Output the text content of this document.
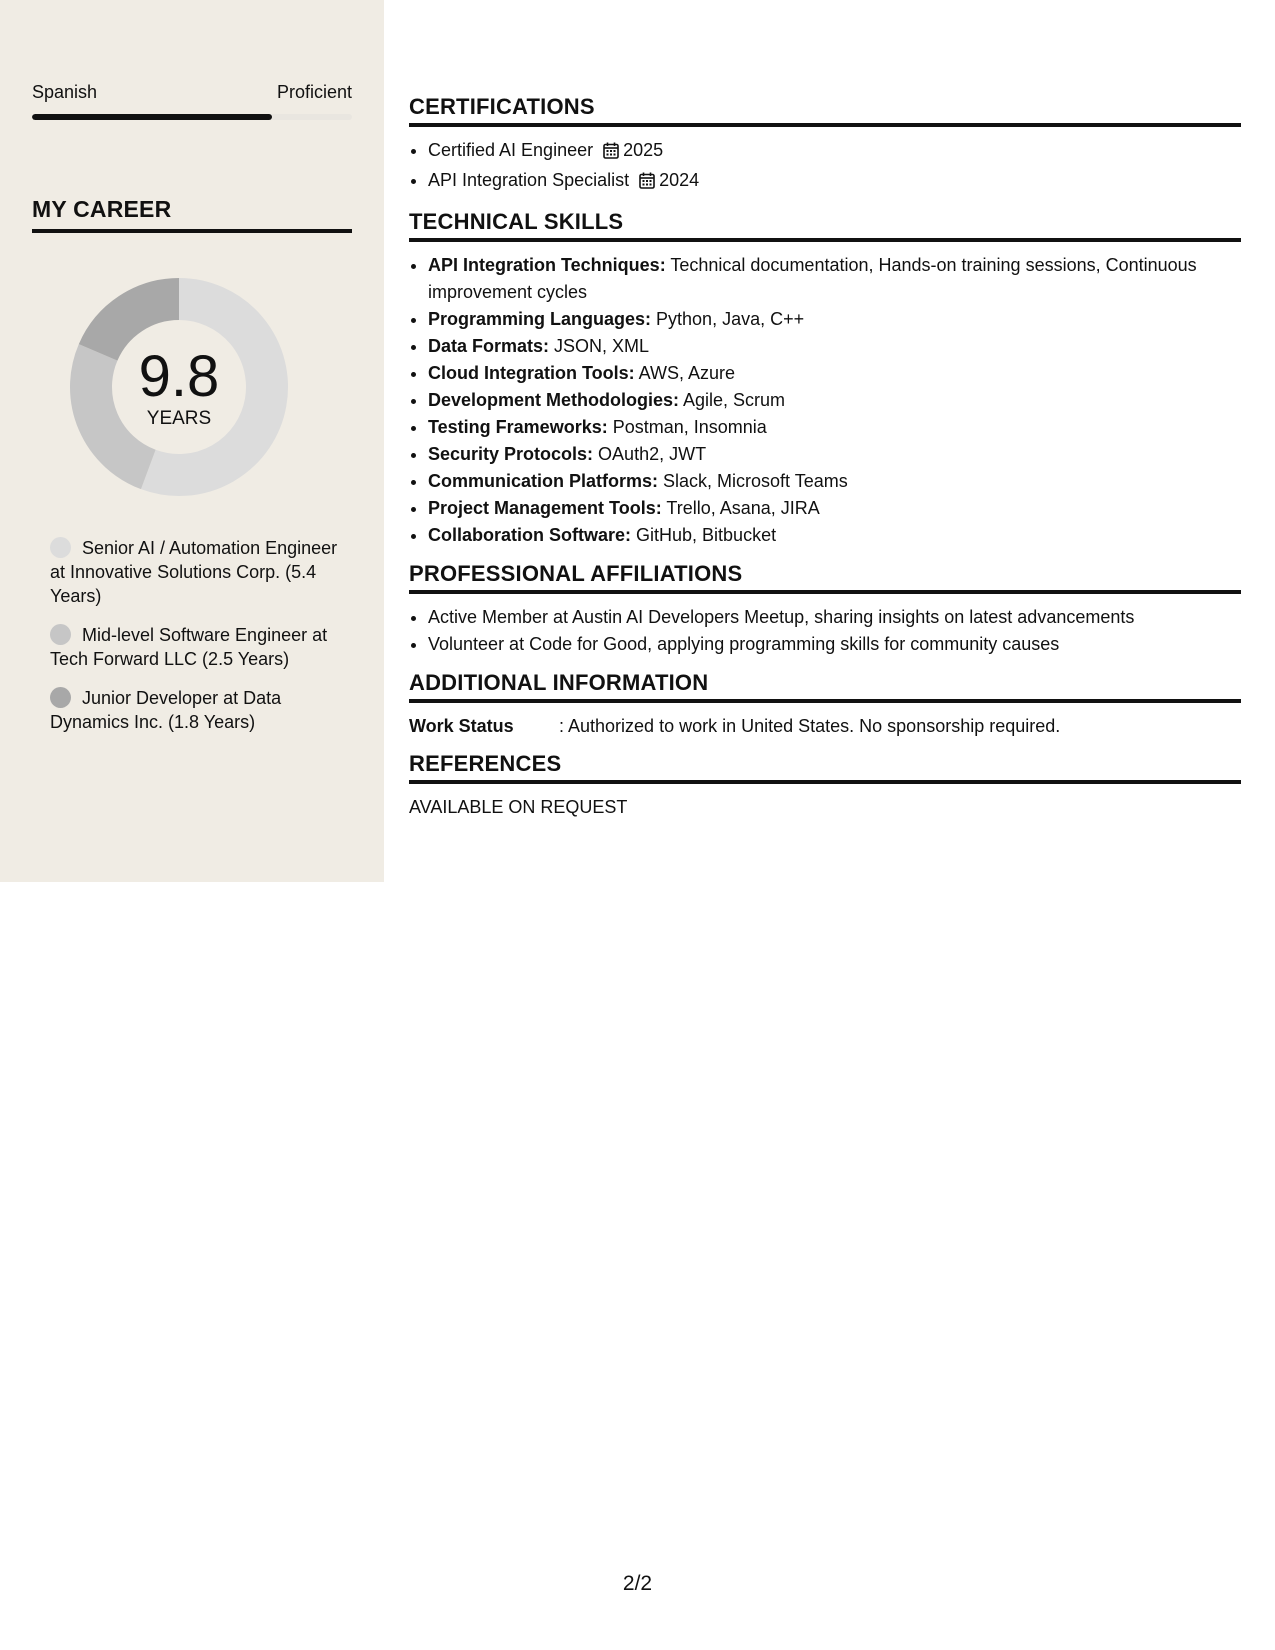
Spanish	Proficient
MY CAREER
9.8
YEARS
Senior AI / Automation Engineer at Innovative Solutions Corp. (5.4 Years)
Mid-level Software Engineer at Tech Forward LLC (2.5 Years)
Junior Developer at Data Dynamics Inc. (1.8 Years)
CERTIFICATIONS
• Certified AI Engineer 2025
• API Integration Specialist 2024
TECHNICAL SKILLS
• API Integration Techniques: Technical documentation, Hands-on training sessions, Continuous improvement cycles
• Programming Languages: Python, Java, C++
• Data Formats: JSON, XML
• Cloud Integration Tools: AWS, Azure
• Development Methodologies: Agile, Scrum
• Testing Frameworks: Postman, Insomnia
• Security Protocols: OAuth2, JWT
• Communication Platforms: Slack, Microsoft Teams
• Project Management Tools: Trello, Asana, JIRA
• Collaboration Software: GitHub, Bitbucket
PROFESSIONAL AFFILIATIONS
• Active Member at Austin AI Developers Meetup, sharing insights on latest advancements
• Volunteer at Code for Good, applying programming skills for community causes
ADDITIONAL INFORMATION
Work Status	: Authorized to work in United States. No sponsorship required.
REFERENCES
AVAILABLE ON REQUEST
2/2
